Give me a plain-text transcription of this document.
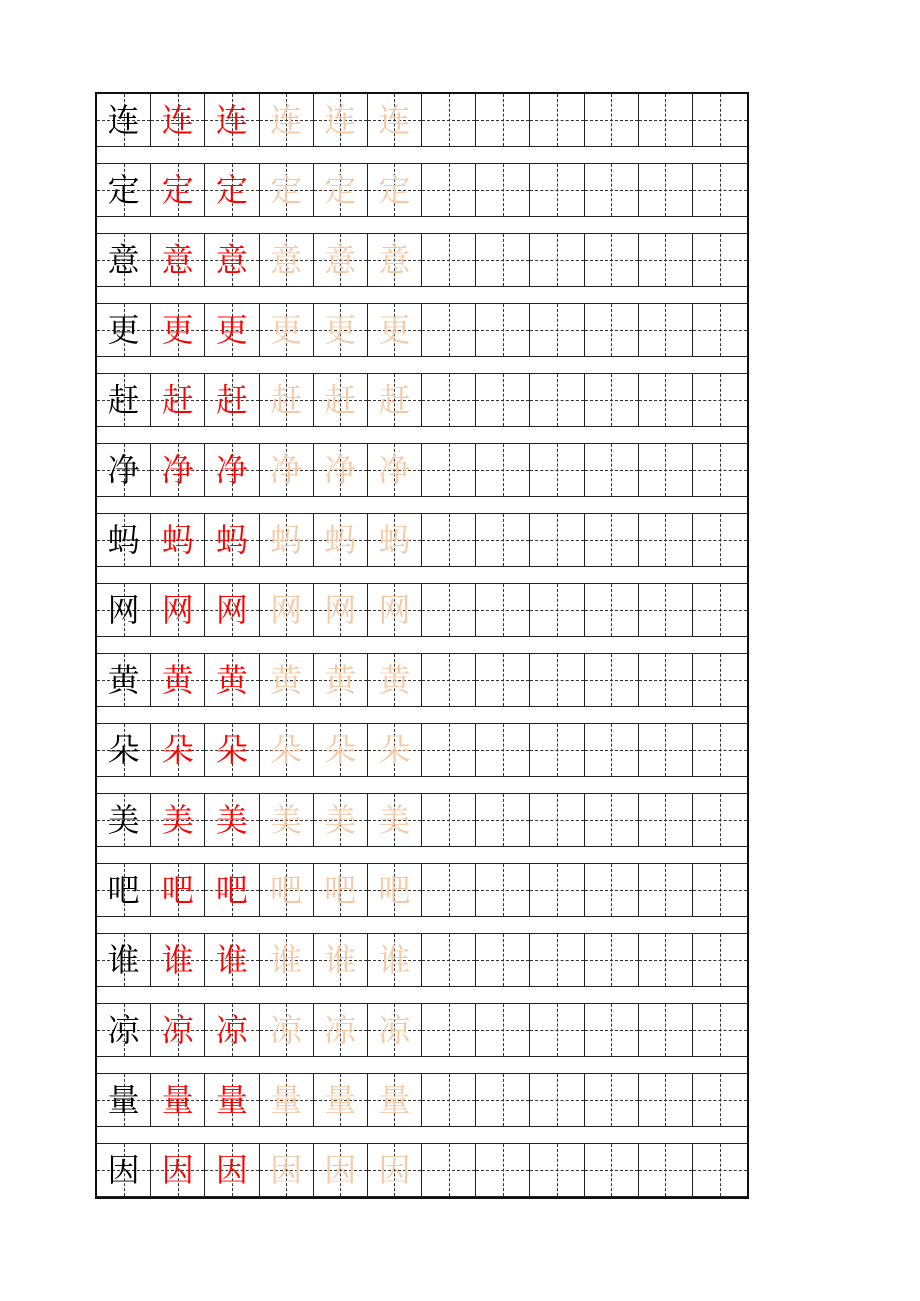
连 连 连 连 连 连
定 定 定 定 定 定
意 意 意 意 意 意
更 更 更 更 更 更
赶 赶 赶 赶 赶 赶
净 净 净 净 净 净
蚂 蚂 蚂 蚂 蚂 蚂
网 网 网 网 网 网
黄 黄 黄 黄 黄 黄
朵 朵 朵 朵 朵 朵
美 美 美 美 美 美
吧 吧 吧 吧 吧 吧
谁 谁 谁 谁 谁 谁
凉 凉 凉 凉 凉 凉
量 量 量 量 量 量
因 因 因 因 因 因
